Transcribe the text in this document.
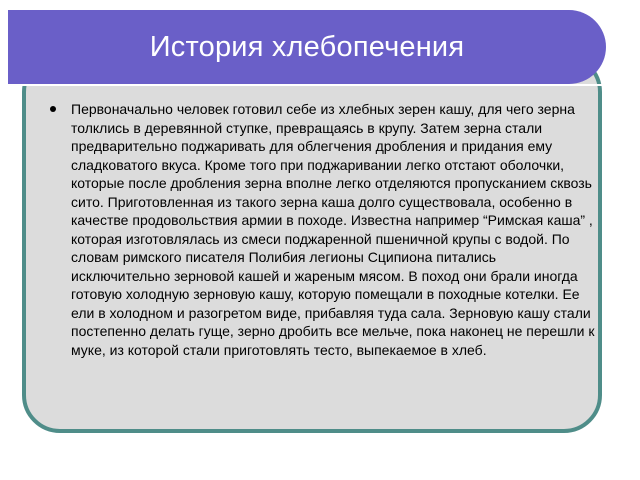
История хлебопечения
Первоначально человек готовил себе из хлебных зерен кашу, для чего зерна толклись в деревянной ступке, превращаясь в крупу. Затем зерна стали предварительно поджаривать для облегчения дробления и придания ему сладковатого вкуса. Кроме того при поджаривании легко отстают оболочки, которые после дробления зерна вполне легко отделяются пропусканием сквозь сито. Приготовленная из такого зерна каша долго существовала, особенно в качестве продовольствия армии в походе. Известна например “Римская каша” , которая изготовлялась из смеси поджаренной пшеничной крупы с водой. По словам римского писателя Полибия легионы Сципиона питались исключительно зерновой кашей и жареным мясом. В поход они брали иногда готовую холодную зерновую кашу, которую помещали в походные котелки. Ее ели в холодном и разогретом виде, прибавляя туда сала. Зерновую кашу стали постепенно делать гуще, зерно дробить все мельче, пока наконец не перешли к муке, из которой стали приготовлять тесто, выпекаемое в хлеб.
